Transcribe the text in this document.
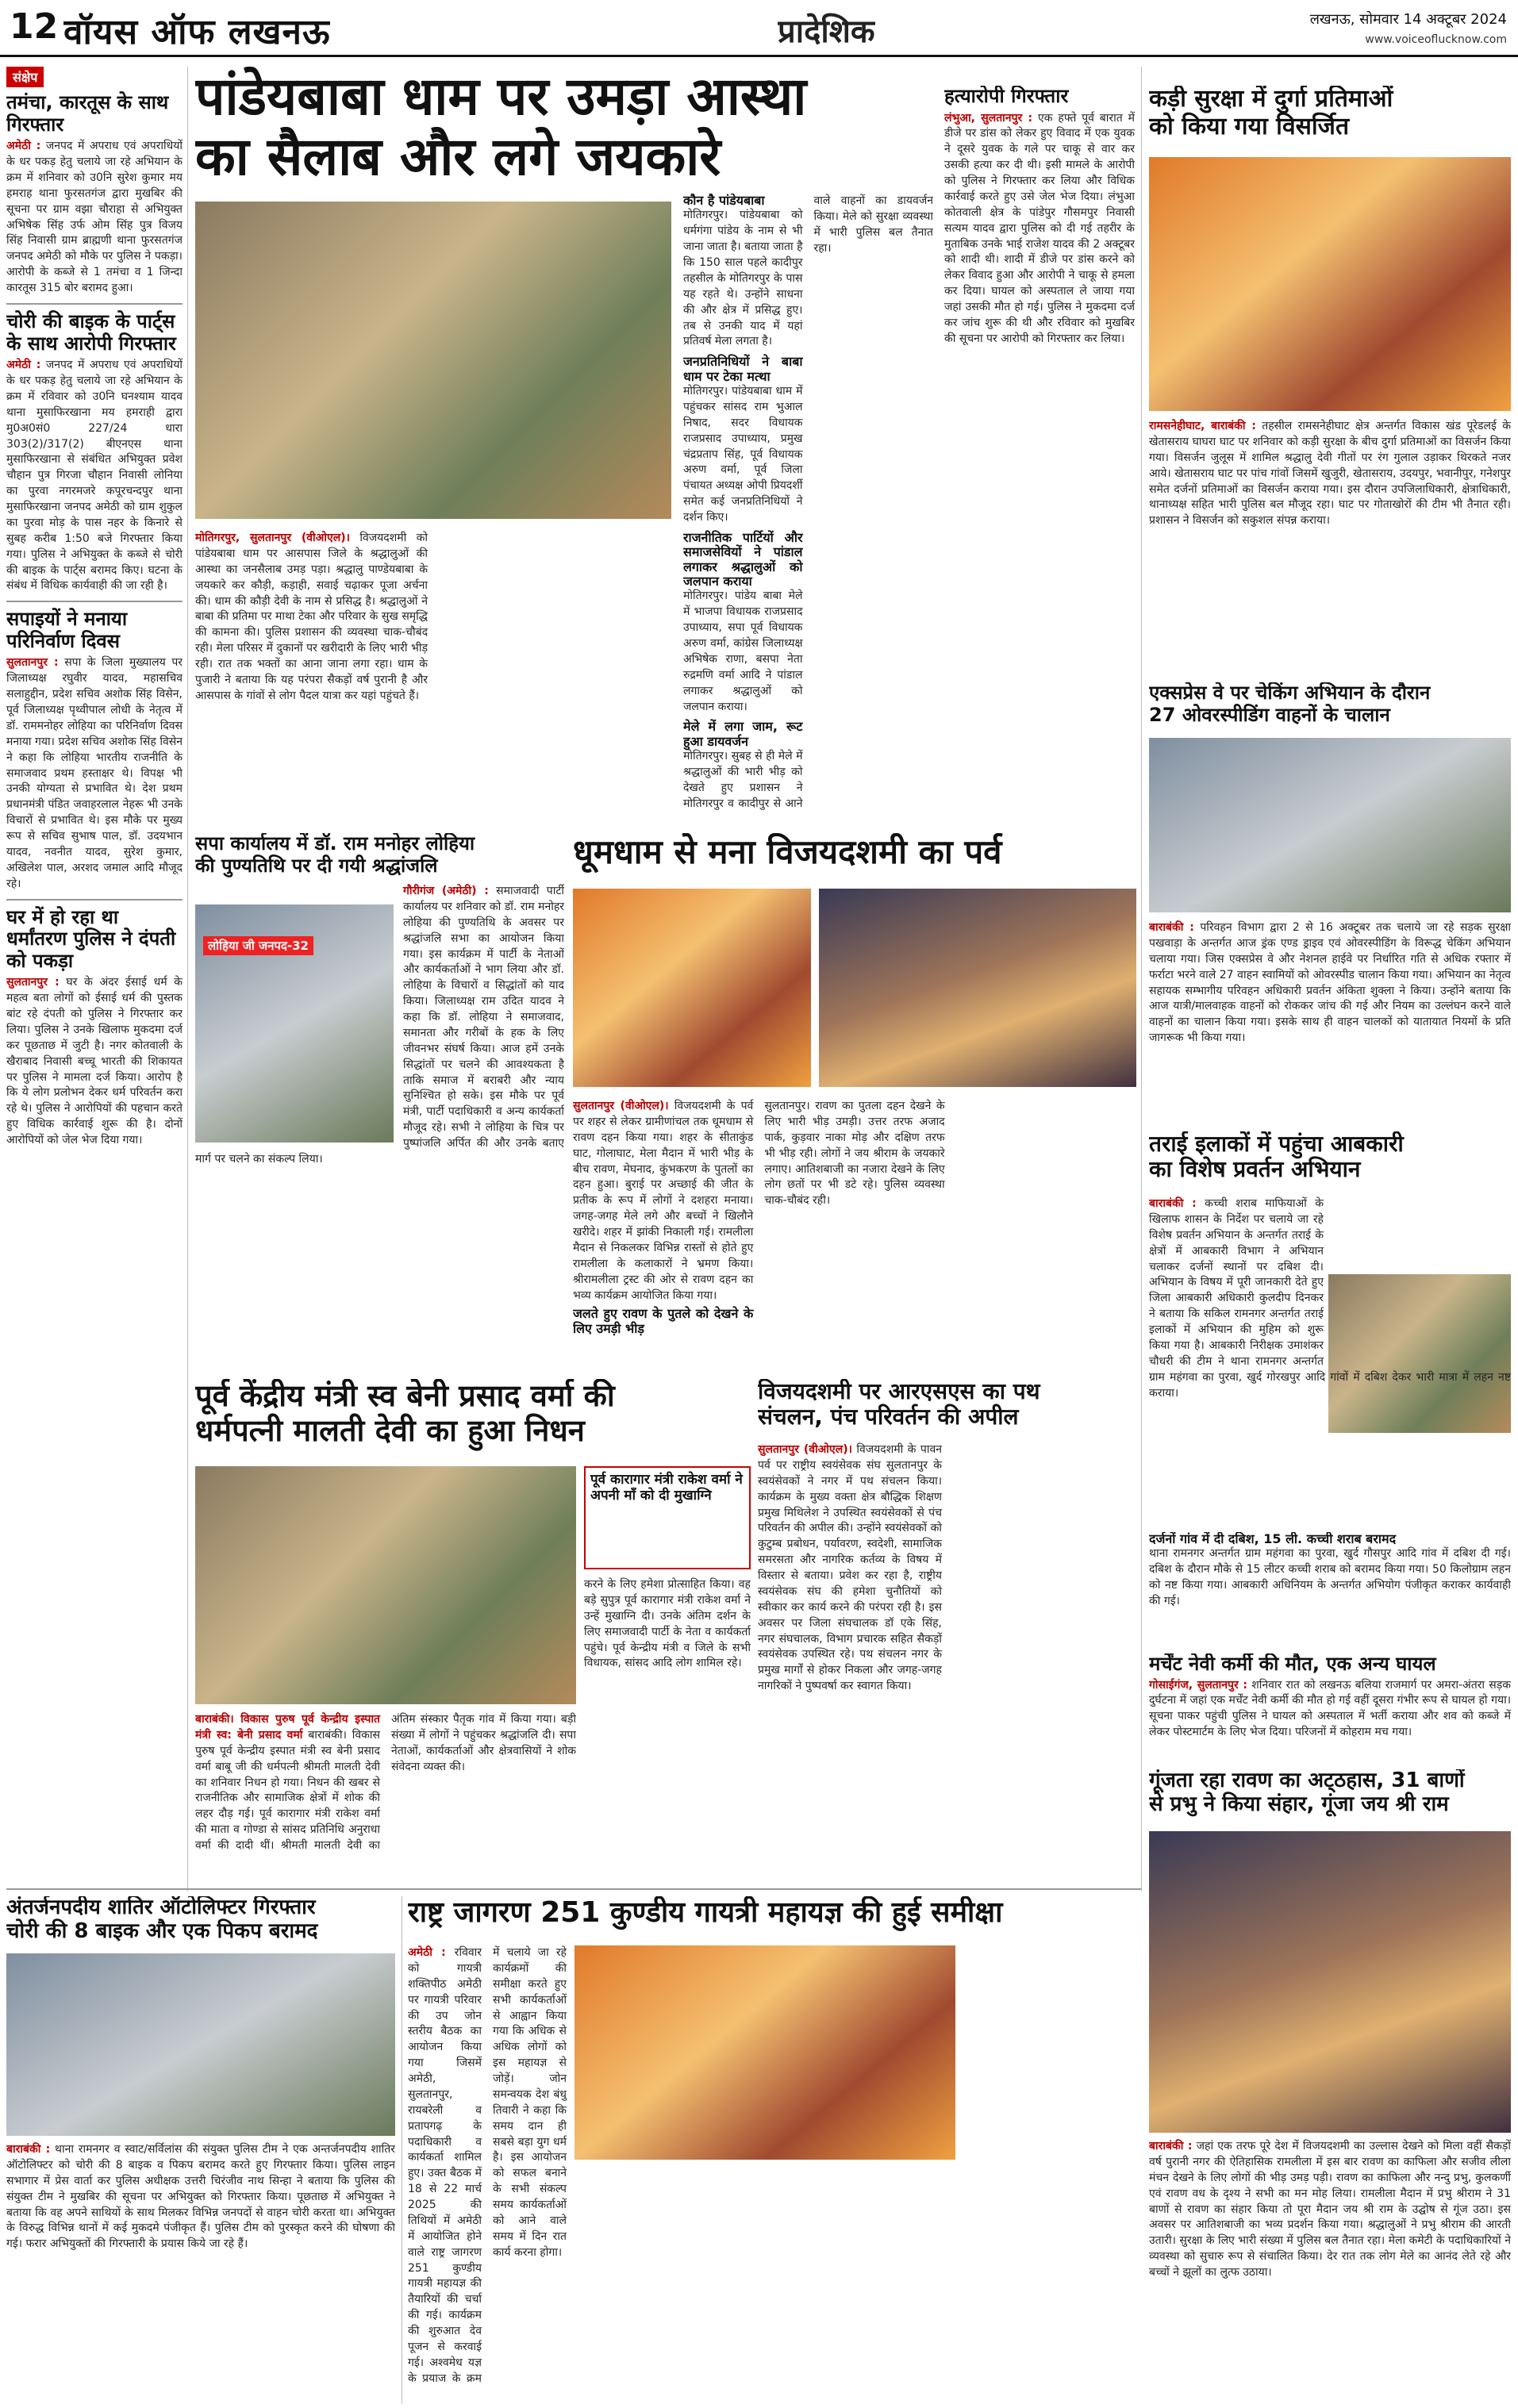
12 वॉयस ऑफ लखनऊ	प्रादेशिक	लखनऊ, सोमवार 14 अक्टूबर 2024
www.voiceoflucknow.com
संक्षेप
तमंचा, कारतूस के साथ गिरफ्तार
अमेठी : जनपद में अपराध एवं अपराधियों के धर पकड़ हेतु चलाये जा रहे अभियान के क्रम में शनिवार को उ0नि सुरेश कुमार मय हमराह थाना फुरसतगंज द्वारा मुखबिर की सूचना पर ग्राम वझा चौराहा से अभियुक्त अभिषेक सिंह उर्फ ओम सिंह पुत्र विजय सिंह निवासी ग्राम ब्राह्मणी थाना फुरसतगंज जनपद अमेठी को मौके पर पुलिस ने पकड़ा। आरोपी के कब्जे से 1 तमंचा व 1 जिन्दा कारतूस 315 बोर बरामद हुआ।
चोरी की बाइक के पार्ट्स के साथ आरोपी गिरफ्तार
अमेठी : जनपद में अपराध एवं अपराधियों के धर पकड़ हेतु चलाये जा रहे अभियान के क्रम में रविवार को उ0नि घनश्याम यादव थाना मुसाफिरखाना मय हमराही द्वारा मु0अ0सं0 227/24 धारा 303(2)/317(2) बीएनएस थाना मुसाफिरखाना से संबंधित अभियुक्त प्रवेश चौहान पुत्र गिरजा चौहान निवासी लोनिया का पुरवा नगरमजरे कपूरचन्दपुर थाना मुसाफिरखाना जनपद अमेठी को ग्राम शुकुल का पुरवा मोड़ के पास नहर के किनारे से सुबह करीब 1:50 बजे गिरफ्तार किया गया। पुलिस ने अभियुक्त के कब्जे से चोरी की बाइक के पार्ट्स बरामद किए। घटना के संबंध में विधिक कार्यवाही की जा रही है।
सपाइयों ने मनाया परिनिर्वाण दिवस
सुलतानपुर : सपा के जिला मुख्यालय पर जिलाध्यक्ष रघुवीर यादव, महासचिव सलाहुद्दीन, प्रदेश सचिव अशोक सिंह विसेन, पूर्व जिलाध्यक्ष पृथ्वीपाल लोधी के नेतृत्व में डॉ. राममनोहर लोहिया का परिनिर्वाण दिवस मनाया गया। प्रदेश सचिव अशोक सिंह विसेन ने कहा कि लोहिया भारतीय राजनीति के समाजवाद प्रथम हस्ताक्षर थे। विपक्ष भी उनकी योग्यता से प्रभावित थे। देश प्रथम प्रधानमंत्री पंडित जवाहरलाल नेहरू भी उनके विचारों से प्रभावित थे। इस मौके पर मुख्य रूप से सचिव सुभाष पाल, डॉ. उदयभान यादव, नवनीत यादव, सुरेश कुमार, अखिलेश पाल, अरशद जमाल आदि मौजूद रहे।
घर में हो रहा था धर्मांतरण पुलिस ने दंपती को पकड़ा
सुलतानपुर : घर के अंदर ईसाई धर्म के महत्व बता लोगों को ईसाई धर्म की पुस्तक बांट रहे दंपती को पुलिस ने गिरफ्तार कर लिया। पुलिस ने उनके खिलाफ मुकदमा दर्ज कर पूछताछ में जुटी है। नगर कोतवाली के खैराबाद निवासी बच्चू भारती की शिकायत पर पुलिस ने मामला दर्ज किया। आरोप है कि ये लोग प्रलोभन देकर धर्म परिवर्तन करा रहे थे। पुलिस ने आरोपियों की पहचान करते हुए विधिक कार्रवाई शुरू की है। दोनों आरोपियों को जेल भेज दिया गया।
पांडेयबाबा धाम पर उमड़ा आस्था
का सैलाब और लगे जयकारे
मोतिगरपुर, सुलतानपुर (वीओएल)। विजयदशमी को पांडेयबाबा धाम पर आसपास जिले के श्रद्धालुओं की आस्था का जनसैलाब उमड़ पड़ा। श्रद्धालु पाण्डेयबाबा के जयकारे कर कौड़ी, कड़ाही, सवाई चढ़ाकर पूजा अर्चना की। धाम की कौड़ी देवी के नाम से प्रसिद्ध है। श्रद्धालुओं ने बाबा की प्रतिमा पर माथा टेका और परिवार के सुख समृद्धि की कामना की। पुलिस प्रशासन की व्यवस्था चाक-चौबंद रही। मेला परिसर में दुकानों पर खरीदारी के लिए भारी भीड़ रही। रात तक भक्तों का आना जाना लगा रहा। धाम के पुजारी ने बताया कि यह परंपरा सैकड़ों वर्ष पुरानी है और आसपास के गांवों से लोग पैदल यात्रा कर यहां पहुंचते हैं।
कौन है पांडेयबाबा
मोतिगरपुर। पांडेयबाबा को धर्मगंगा पांडेय के नाम से भी जाना जाता है। बताया जाता है कि 150 साल पहले कादीपुर तहसील के मोतिगरपुर के पास यह रहते थे। उन्होंने साधना की और क्षेत्र में प्रसिद्ध हुए। तब से उनकी याद में यहां प्रतिवर्ष मेला लगता है।
जनप्रतिनिधियों ने बाबा धाम पर टेका मत्था
मोतिगरपुर। पांडेयबाबा धाम में पहुंचकर सांसद राम भुआल निषाद, सदर विधायक राजप्रसाद उपाध्याय, प्रमुख चंद्रप्रताप सिंह, पूर्व विधायक अरुण वर्मा, पूर्व जिला पंचायत अध्यक्ष ओपी प्रियदर्शी समेत कई जनप्रतिनिधियों ने दर्शन किए।
राजनीतिक पार्टियों और समाजसेवियों ने पांडाल लगाकर श्रद्धालुओं को जलपान कराया
मोतिगरपुर। पांडेय बाबा मेले में भाजपा विधायक राजप्रसाद उपाध्याय, सपा पूर्व विधायक अरुण वर्मा, कांग्रेस जिलाध्यक्ष अभिषेक राणा, बसपा नेता रुद्रमणि वर्मा आदि ने पांडाल लगाकर श्रद्धालुओं को जलपान कराया।
मेले में लगा जाम, रूट हुआ डायवर्जन
मोतिगरपुर। सुबह से ही मेले में श्रद्धालुओं की भारी भीड़ को देखते हुए प्रशासन ने मोतिगरपुर व कादीपुर से आने वाले वाहनों का डायवर्जन किया। मेले को सुरक्षा व्यवस्था में भारी पुलिस बल तैनात रहा।
हत्यारोपी गिरफ्तार
लंभुआ, सुलतानपुर : एक हफ्ते पूर्व बारात में डीजे पर डांस को लेकर हुए विवाद में एक युवक ने दूसरे युवक के गले पर चाकू से वार कर उसकी हत्या कर दी थी। इसी मामले के आरोपी को पुलिस ने गिरफ्तार कर लिया और विधिक कार्रवाई करते हुए उसे जेल भेज दिया। लंभुआ कोतवाली क्षेत्र के पांडेपुर गौसमपुर निवासी सत्यम यादव द्वारा पुलिस को दी गई तहरीर के मुताबिक उनके भाई राजेश यादव की 2 अक्टूबर को शादी थी। शादी में डीजे पर डांस करने को लेकर विवाद हुआ और आरोपी ने चाकू से हमला कर दिया। घायल को अस्पताल ले जाया गया जहां उसकी मौत हो गई। पुलिस ने मुकदमा दर्ज कर जांच शुरू की थी और रविवार को मुखबिर की सूचना पर आरोपी को गिरफ्तार कर लिया।
सपा कार्यालय में डॉ. राम मनोहर लोहिया
की पुण्यतिथि पर दी गयी श्रद्धांजलि
लोहिया जी जनपद-32
गौरीगंज (अमेठी) : समाजवादी पार्टी कार्यालय पर शनिवार को डॉ. राम मनोहर लोहिया की पुण्यतिथि के अवसर पर श्रद्धांजलि सभा का आयोजन किया गया। इस कार्यक्रम में पार्टी के नेताओं और कार्यकर्ताओं ने भाग लिया और डॉ. लोहिया के विचारों व सिद्धांतों को याद किया। जिलाध्यक्ष राम उदित यादव ने कहा कि डॉ. लोहिया ने समाजवाद, समानता और गरीबों के हक के लिए जीवनभर संघर्ष किया। आज हमें उनके सिद्धांतों पर चलने की आवश्यकता है ताकि समाज में बराबरी और न्याय सुनिश्चित हो सके। इस मौके पर पूर्व मंत्री, पार्टी पदाधिकारी व अन्य कार्यकर्ता मौजूद रहे। सभी ने लोहिया के चित्र पर पुष्पांजलि अर्पित की और उनके बताए मार्ग पर चलने का संकल्प लिया।
धूमधाम से मना विजयदशमी का पर्व
सुलतानपुर (वीओएल)। विजयदशमी के पर्व पर शहर से लेकर ग्रामीणांचल तक धूमधाम से रावण दहन किया गया। शहर के सीताकुंड घाट, गोलाघाट, मेला मैदान में भारी भीड़ के बीच रावण, मेघनाद, कुंभकरण के पुतलों का दहन हुआ। बुराई पर अच्छाई की जीत के प्रतीक के रूप में लोगों ने दशहरा मनाया। जगह-जगह मेले लगे और बच्चों ने खिलौने खरीदे। शहर में झांकी निकाली गई। रामलीला मैदान से निकलकर विभिन्न रास्तों से होते हुए रामलीला के कलाकारों ने भ्रमण किया। श्रीरामलीला ट्रस्ट की ओर से रावण दहन का भव्य कार्यक्रम आयोजित किया गया।
जलते हुए रावण के पुतले को देखने के लिए उमड़ी भीड़
सुलतानपुर। रावण का पुतला दहन देखने के लिए भारी भीड़ उमड़ी। उत्तर तरफ अजाद पार्क, कुड़वार नाका मोड़ और दक्षिण तरफ भी भीड़ रही। लोगों ने जय श्रीराम के जयकारे लगाए। आतिशबाजी का नजारा देखने के लिए लोग छतों पर भी डटे रहे। पुलिस व्यवस्था चाक-चौबंद रही।
पूर्व केंद्रीय मंत्री स्व बेनी प्रसाद वर्मा की
धर्मपत्नी मालती देवी का हुआ निधन
पूर्व कारागार मंत्री राकेश वर्मा ने अपनी माँ को दी मुखाग्नि
करने के लिए हमेशा प्रोत्साहित किया। वह बड़े सुपुत्र पूर्व कारागार मंत्री राकेश वर्मा ने उन्हें मुखाग्नि दी। उनके अंतिम दर्शन के लिए समाजवादी पार्टी के नेता व कार्यकर्ता पहुंचे। पूर्व केन्द्रीय मंत्री व जिले के सभी विधायक, सांसद आदि लोग शामिल रहे।
बाराबंकी। विकास पुरुष पूर्व केन्द्रीय इस्पात मंत्री स्व: बेनी प्रसाद वर्मा बाराबंकी। विकास पुरुष पूर्व केन्द्रीय इस्पात मंत्री स्व बेनी प्रसाद वर्मा बाबू जी की धर्मपत्नी श्रीमती मालती देवी का शनिवार निधन हो गया। निधन की खबर से राजनीतिक और सामाजिक क्षेत्रों में शोक की लहर दौड़ गई। पूर्व कारागार मंत्री राकेश वर्मा की माता व गोण्डा से सांसद प्रतिनिधि अनुराधा वर्मा की दादी थीं। श्रीमती मालती देवी का अंतिम संस्कार पैतृक गांव में किया गया। बड़ी संख्या में लोगों ने पहुंचकर श्रद्धांजलि दी। सपा नेताओं, कार्यकर्ताओं और क्षेत्रवासियों ने शोक संवेदना व्यक्त की।
विजयदशमी पर आरएसएस का पथ
संचलन, पंच परिवर्तन की अपील
सुलतानपुर (वीओएल)। विजयदशमी के पावन पर्व पर राष्ट्रीय स्वयंसेवक संघ सुलतानपुर के स्वयंसेवकों ने नगर में पथ संचलन किया। कार्यक्रम के मुख्य वक्ता क्षेत्र बौद्धिक शिक्षण प्रमुख मिथिलेश ने उपस्थित स्वयंसेवकों से पंच परिवर्तन की अपील की। उन्होंने स्वयंसेवकों को कुटुम्ब प्रबोधन, पर्यावरण, स्वदेशी, सामाजिक समरसता और नागरिक कर्तव्य के विषय में विस्तार से बताया। प्रवेश कर रहा है, राष्ट्रीय स्वयंसेवक संघ की हमेशा चुनौतियों को स्वीकार कर कार्य करने की परंपरा रही है। इस अवसर पर जिला संघचालक डॉ एके सिंह, नगर संघचालक, विभाग प्रचारक सहित सैकड़ों स्वयंसेवक उपस्थित रहे। पथ संचलन नगर के प्रमुख मार्गों से होकर निकला और जगह-जगह नागरिकों ने पुष्पवर्षा कर स्वागत किया।
कड़ी सुरक्षा में दुर्गा प्रतिमाओं
को किया गया विसर्जित
रामसनेहीघाट, बाराबंकी : तहसील रामसनेहीघाट क्षेत्र अन्तर्गत विकास खंड पूरेडलई के खेतासराय घाघरा घाट पर शनिवार को कड़ी सुरक्षा के बीच दुर्गा प्रतिमाओं का विसर्जन किया गया। विसर्जन जुलूस में शामिल श्रद्धालु देवी गीतों पर रंग गुलाल उड़ाकर थिरकते नजर आये। खेतासराय घाट पर पांच गांवों जिसमें खुजुरी, खेतासराय, उदयपुर, भवानीपुर, गनेशपुर समेत दर्जनों प्रतिमाओं का विसर्जन कराया गया। इस दौरान उपजिलाधिकारी, क्षेत्राधिकारी, थानाध्यक्ष सहित भारी पुलिस बल मौजूद रहा। घाट पर गोताखोरों की टीम भी तैनात रही। प्रशासन ने विसर्जन को सकुशल संपन्न कराया।
एक्सप्रेस वे पर चेकिंग अभियान के दौरान
27 ओवरस्पीडिंग वाहनों के चालान
बाराबंकी : परिवहन विभाग द्वारा 2 से 16 अक्टूबर तक चलाये जा रहे सड़क सुरक्षा पखवाड़ा के अन्तर्गत आज ड्रंक एण्ड ड्राइव एवं ओवरस्पीडिंग के विरूद्ध चेकिंग अभियान चलाया गया। जिस एक्सप्रेस वे और नेशनल हाईवे पर निर्धारित गति से अधिक रफ्तार में फर्राटा भरने वाले 27 वाहन स्वामियों को ओवरस्पीड चालान किया गया। अभियान का नेतृत्व सहायक सम्भागीय परिवहन अधिकारी प्रवर्तन अंकिता शुक्ला ने किया। उन्होंने बताया कि आज यात्री/मालवाहक वाहनों को रोककर जांच की गई और नियम का उल्लंघन करने वाले वाहनों का चालान किया गया। इसके साथ ही वाहन चालकों को यातायात नियमों के प्रति जागरूक भी किया गया।
तराई इलाकों में पहुंचा आबकारी
का विशेष प्रवर्तन अभियान
बाराबंकी : कच्ची शराब माफियाओं के खिलाफ शासन के निर्देश पर चलाये जा रहे विशेष प्रवर्तन अभियान के अन्तर्गत तराई के क्षेत्रों में आबकारी विभाग ने अभियान चलाकर दर्जनों स्थानों पर दबिश दी। अभियान के विषय में पूरी जानकारी देते हुए जिला आबकारी अधिकारी कुलदीप दिनकर ने बताया कि सकिल रामनगर अन्तर्गत तराई इलाकों में अभियान की मुहिम को शुरू किया गया है। आबकारी निरीक्षक उमाशंकर चौधरी की टीम ने थाना रामनगर अन्तर्गत ग्राम महंगवा का पुरवा, खुर्द गोरखपुर आदि गांवों में दबिश देकर भारी मात्रा में लहन नष्ट कराया।
दर्जनों गांव में दी दबिश, 15 ली. कच्ची शराब बरामद
थाना रामनगर अन्तर्गत ग्राम महंगवा का पुरवा, खुर्द गौसपुर आदि गांव में दबिश दी गई। दबिश के दौरान मौके से 15 लीटर कच्ची शराब को बरामद किया गया। 50 किलोग्राम लहन को नष्ट किया गया। आबकारी अधिनियम के अन्तर्गत अभियोग पंजीकृत कराकर कार्यवाही की गई।
मर्चेंट नेवी कर्मी की मौत, एक अन्य घायल
गोसाईगंज, सुलतानपुर : शनिवार रात को लखनऊ बलिया राजमार्ग पर अमरा-अंतरा सड़क दुर्घटना में जहां एक मर्चेंट नेवी कर्मी की मौत हो गई वहीं दूसरा गंभीर रूप से घायल हो गया। सूचना पाकर पहुंची पुलिस ने घायल को अस्पताल में भर्ती कराया और शव को कब्जे में लेकर पोस्टमार्टम के लिए भेज दिया। परिजनों में कोहराम मच गया।
गूंजता रहा रावण का अट्‌ठहास, 31 बाणों
से प्रभु ने किया संहार, गूंजा जय श्री राम
बाराबंकी : जहां एक तरफ पूरे देश में विजयदशमी का उल्लास देखने को मिला वहीं सैकड़ों वर्ष पुरानी नगर की ऐतिहासिक रामलीला में इस बार रावण का काफिला और सजीव लीला मंचन देखने के लिए लोगों की भीड़ उमड़ पड़ी। रावण का काफिला और नन्दु प्रभु, कुलकर्णी एवं रावण वध के दृश्य ने सभी का मन मोह लिया। रामलीला मैदान में प्रभु श्रीराम ने 31 बाणों से रावण का संहार किया तो पूरा मैदान जय श्री राम के उद्घोष से गूंज उठा। इस अवसर पर आतिशबाजी का भव्य प्रदर्शन किया गया। श्रद्धालुओं ने प्रभु श्रीराम की आरती उतारी। सुरक्षा के लिए भारी संख्या में पुलिस बल तैनात रहा। मेला कमेटी के पदाधिकारियों ने व्यवस्था को सुचारु रूप से संचालित किया। देर रात तक लोग मेले का आनंद लेते रहे और बच्चों ने झूलों का लुत्फ उठाया।
अंतर्जनपदीय शातिर ऑटोलिफ्टर गिरफ्तार
चोरी की 8 बाइक और एक पिकप बरामद
बाराबंकी : थाना रामनगर व स्वाट/सर्विलांस की संयुक्त पुलिस टीम ने एक अन्तर्जनपदीय शातिर ऑटोलिफ्टर को चोरी की 8 बाइक व पिकप बरामद करते हुए गिरफ्तार किया। पुलिस लाइन सभागार में प्रेस वार्ता कर पुलिस अधीक्षक उत्तरी चिरंजीव नाथ सिन्हा ने बताया कि पुलिस की संयुक्त टीम ने मुखबिर की सूचना पर अभियुक्त को गिरफ्तार किया। पूछताछ में अभियुक्त ने बताया कि वह अपने साथियों के साथ मिलकर विभिन्न जनपदों से वाहन चोरी करता था। अभियुक्त के विरुद्ध विभिन्न थानों में कई मुकदमे पंजीकृत हैं। पुलिस टीम को पुरस्कृत करने की घोषणा की गई। फरार अभियुक्तों की गिरफ्तारी के प्रयास किये जा रहे हैं।
राष्ट्र जागरण 251 कुण्डीय गायत्री महायज्ञ की हुई समीक्षा
अमेठी : रविवार को गायत्री शक्तिपीठ अमेठी पर गायत्री परिवार की उप जोन स्तरीय बैठक का आयोजन किया गया जिसमें अमेठी, सुलतानपुर, रायबरेली व प्रतापगढ़ के पदाधिकारी व कार्यकर्ता शामिल हुए। उक्त बैठक में 18 से 22 मार्च 2025 की तिथियों में अमेठी में आयोजित होने वाले राष्ट्र जागरण 251 कुण्डीय गायत्री महायज्ञ की तैयारियों की चर्चा की गई। कार्यक्रम की शुरुआत देव पूजन से करवाई गई। अश्वमेध यज्ञ के प्रयाज के क्रम में चलाये जा रहे कार्यक्रमों की समीक्षा करते हुए सभी कार्यकर्ताओं से आह्वान किया गया कि अधिक से अधिक लोगों को इस महायज्ञ से जोड़ें। जोन समन्वयक देश बंधु तिवारी ने कहा कि समय दान ही सबसे बड़ा युग धर्म है। इस आयोजन को सफल बनाने के सभी संकल्प समय कार्यकर्ताओं को आने वाले समय में दिन रात कार्य करना होगा।
